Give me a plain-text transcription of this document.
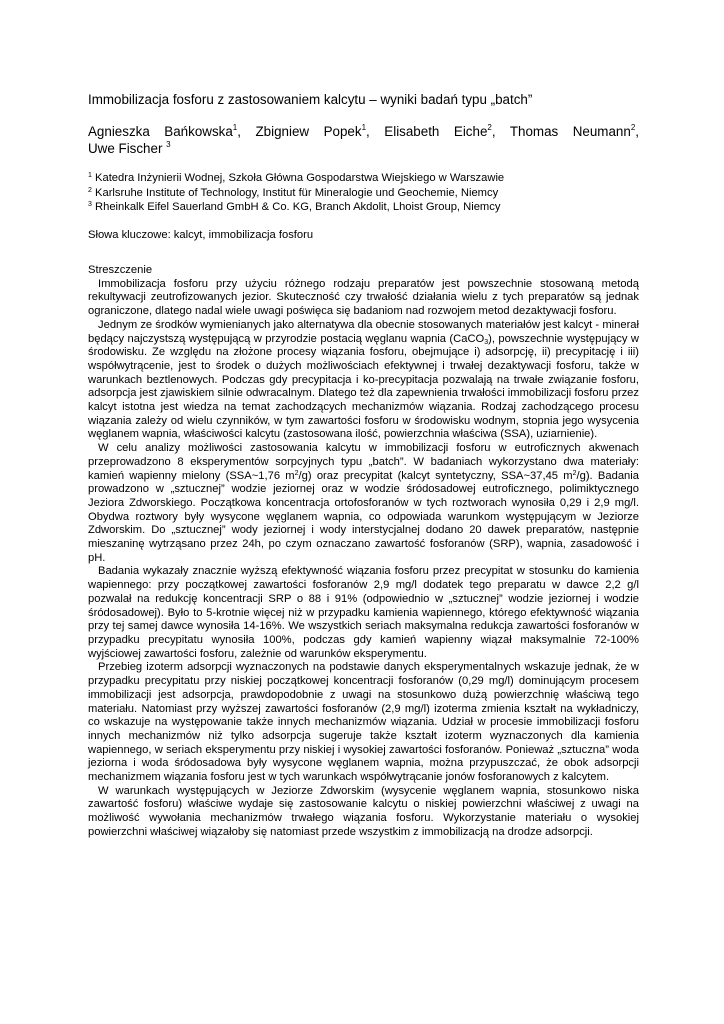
Immobilizacja fosforu z zastosowaniem kalcytu – wyniki badań typu „batch”
Agnieszka Bańkowska$^1$, Zbigniew Popek$^1$, Elisabeth Eiche$^2$, Thomas Neumann$^2$,
Uwe Fischer $^3$
$^1$ Katedra Inżynierii Wodnej, Szkoła Główna Gospodarstwa Wiejskiego w Warszawie
$^2$ Karlsruhe Institute of Technology, Institut für Mineralogie und Geochemie, Niemcy
$^3$ Rheinkalk Eifel Sauerland GmbH & Co. KG, Branch Akdolit, Lhoist Group, Niemcy
Słowa kluczowe: kalcyt, immobilizacja fosforu
Streszczenie

Immobilizacja fosforu przy użyciu różnego rodzaju preparatów jest powszechnie stosowaną metodą rekultywacji zeutrofizowanych jezior. Skuteczność czy trwałość działania wielu z tych preparatów są jednak ograniczone, dlatego nadal wiele uwagi poświęca się badaniom nad rozwojem metod dezaktywacji fosforu.

Jednym ze środków wymienianych jako alternatywa dla obecnie stosowanych materiałów jest kalcyt - minerał będący najczystszą występującą w przyrodzie postacią węglanu wapnia (CaCO$_3$), powszechnie występujący w środowisku. Ze względu na złożone procesy wiązania fosforu, obejmujące i) adsorpcję, ii) precypitację i iii) współwytrącenie, jest to środek o dużych możliwościach efektywnej i trwałej dezaktywacji fosforu, także w warunkach beztlenowych. Podczas gdy precypitacja i ko-precypitacja pozwalają na trwałe związanie fosforu, adsorpcja jest zjawiskiem silnie odwracalnym. Dlatego też dla zapewnienia trwałości immobilizacji fosforu przez kalcyt istotna jest wiedza na temat zachodzących mechanizmów wiązania. Rodzaj zachodzącego procesu wiązania zależy od wielu czynników, w tym zawartości fosforu w środowisku wodnym, stopnia jego wysycenia węglanem wapnia, właściwości kalcytu (zastosowana ilość, powierzchnia właściwa (SSA), uziarnienie).

W celu analizy możliwości zastosowania kalcytu w immobilizacji fosforu w eutroficznych akwenach przeprowadzono 8 eksperymentów sorpcyjnych typu „batch”. W badaniach wykorzystano dwa materiały: kamień wapienny mielony (SSA~1,76 $m^2/g$) oraz precypitat (kalcyt syntetyczny, SSA~37,45 $m^2/g$). Badania prowadzono w „sztucznej” wodzie jeziornej oraz w wodzie śródosadowej eutroficznego, polimiktycznego Jeziora Zdworskiego. Początkowa koncentracja ortofosforanów w tych roztworach wynosiła 0,29 i 2,9 mg/l. Obydwa roztwory były wysycone węglanem wapnia, co odpowiada warunkom występującym w Jeziorze Zdworskim. Do „sztucznej” wody jeziornej i wody interstycjalnej dodano 20 dawek preparatów, następnie mieszaninę wytrząsano przez 24h, po czym oznaczano zawartość fosforanów (SRP), wapnia, zasadowość i pH.

Badania wykazały znacznie wyższą efektywność wiązania fosforu przez precypitat w stosunku do kamienia wapiennego: przy początkowej zawartości fosforanów 2,9 mg/l dodatek tego preparatu w dawce 2,2 g/l pozwalał na redukcję koncentracji SRP o 88 i 91% (odpowiednio w „sztucznej” wodzie jeziornej i wodzie śródosadowej). Było to 5-krotnie więcej niż w przypadku kamienia wapiennego, którego efektywność wiązania przy tej samej dawce wynosiła 14-16%. We wszystkich seriach maksymalna redukcja zawartości fosforanów w przypadku precypitatu wynosiła 100%, podczas gdy kamień wapienny wiązał maksymalnie 72-100% wyjściowej zawartości fosforu, zależnie od warunków eksperymentu.

Przebieg izoterm adsorpcji wyznaczonych na podstawie danych eksperymentalnych wskazuje jednak, że w przypadku precypitatu przy niskiej początkowej koncentracji fosforanów (0,29 mg/l) dominującym procesem immobilizacji jest adsorpcja, prawdopodobnie z uwagi na stosunkowo dużą powierzchnię właściwą tego materiału. Natomiast przy wyższej zawartości fosforanów (2,9 mg/l) izoterma zmienia kształt na wykładniczy, co wskazuje na występowanie także innych mechanizmów wiązania. Udział w procesie immobilizacji fosforu innych mechanizmów niż tylko adsorpcja sugeruje także kształt izoterm wyznaczonych dla kamienia wapiennego, w seriach eksperymentu przy niskiej i wysokiej zawartości fosforanów. Ponieważ „sztuczna” woda jeziorna i woda śródosadowa były wysycone węglanem wapnia, można przypuszczać, że obok adsorpcji mechanizmem wiązania fosforu jest w tych warunkach współwytrącanie jonów fosforanowych z kalcytem.

W warunkach występujących w Jeziorze Zdworskim (wysycenie węglanem wapnia, stosunkowo niska zawartość fosforu) właściwe wydaje się zastosowanie kalcytu o niskiej powierzchni właściwej z uwagi na możliwość wywołania mechanizmów trwałego wiązania fosforu. Wykorzystanie materiału o wysokiej powierzchni właściwej wiązałoby się natomiast przede wszystkim z immobilizacją na drodze adsorpcji.
